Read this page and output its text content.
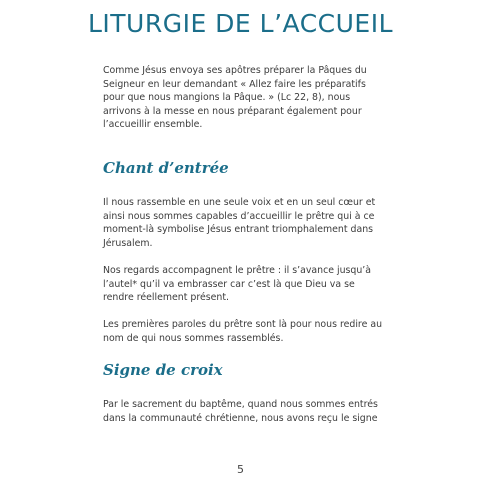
LITURGIE DE L’ACCUEIL
Comme Jésus envoya ses apôtres préparer la Pâques du Seigneur en leur demandant « Allez faire les préparatifs pour que nous mangions la Pâque. » (Lc 22, 8), nous arrivons à la messe en nous préparant également pour l’accueillir ensemble.
Chant d’entrée
Il nous rassemble en une seule voix et en un seul cœur et ainsi nous sommes capables d’accueillir le prêtre qui à ce moment-là symbolise Jésus entrant triomphalement dans Jérusalem.
Nos regards accompagnent le prêtre : il s’avance jusqu’à l’autel* qu’il va embrasser car c’est là que Dieu va se rendre réellement présent.
Les premières paroles du prêtre sont là pour nous redire au nom de qui nous sommes rassemblés.
Signe de croix
Par le sacrement du baptême, quand nous sommes entrés dans la communauté chrétienne, nous avons reçu le signe
5
